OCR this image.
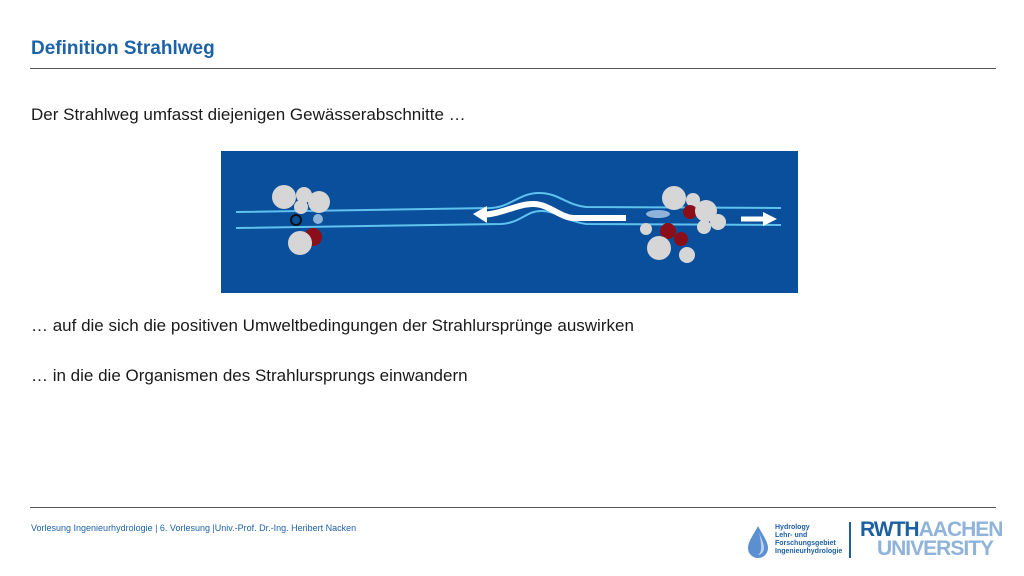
Definition Strahlweg
Der Strahlweg umfasst diejenigen Gewässerabschnitte …
… auf die sich die positiven Umweltbedingungen der Strahlursprünge auswirken
… in die die Organismen des Strahlursprungs einwandern
Vorlesung Ingenieurhydrologie | 6. Vorlesung |Univ.-Prof. Dr.-Ing. Heribert Nacken	Hydrology
Lehr- und
Forschungsgebiet
Ingenieurhydrologie
RWTHAACHEN
UNIVERSITY
